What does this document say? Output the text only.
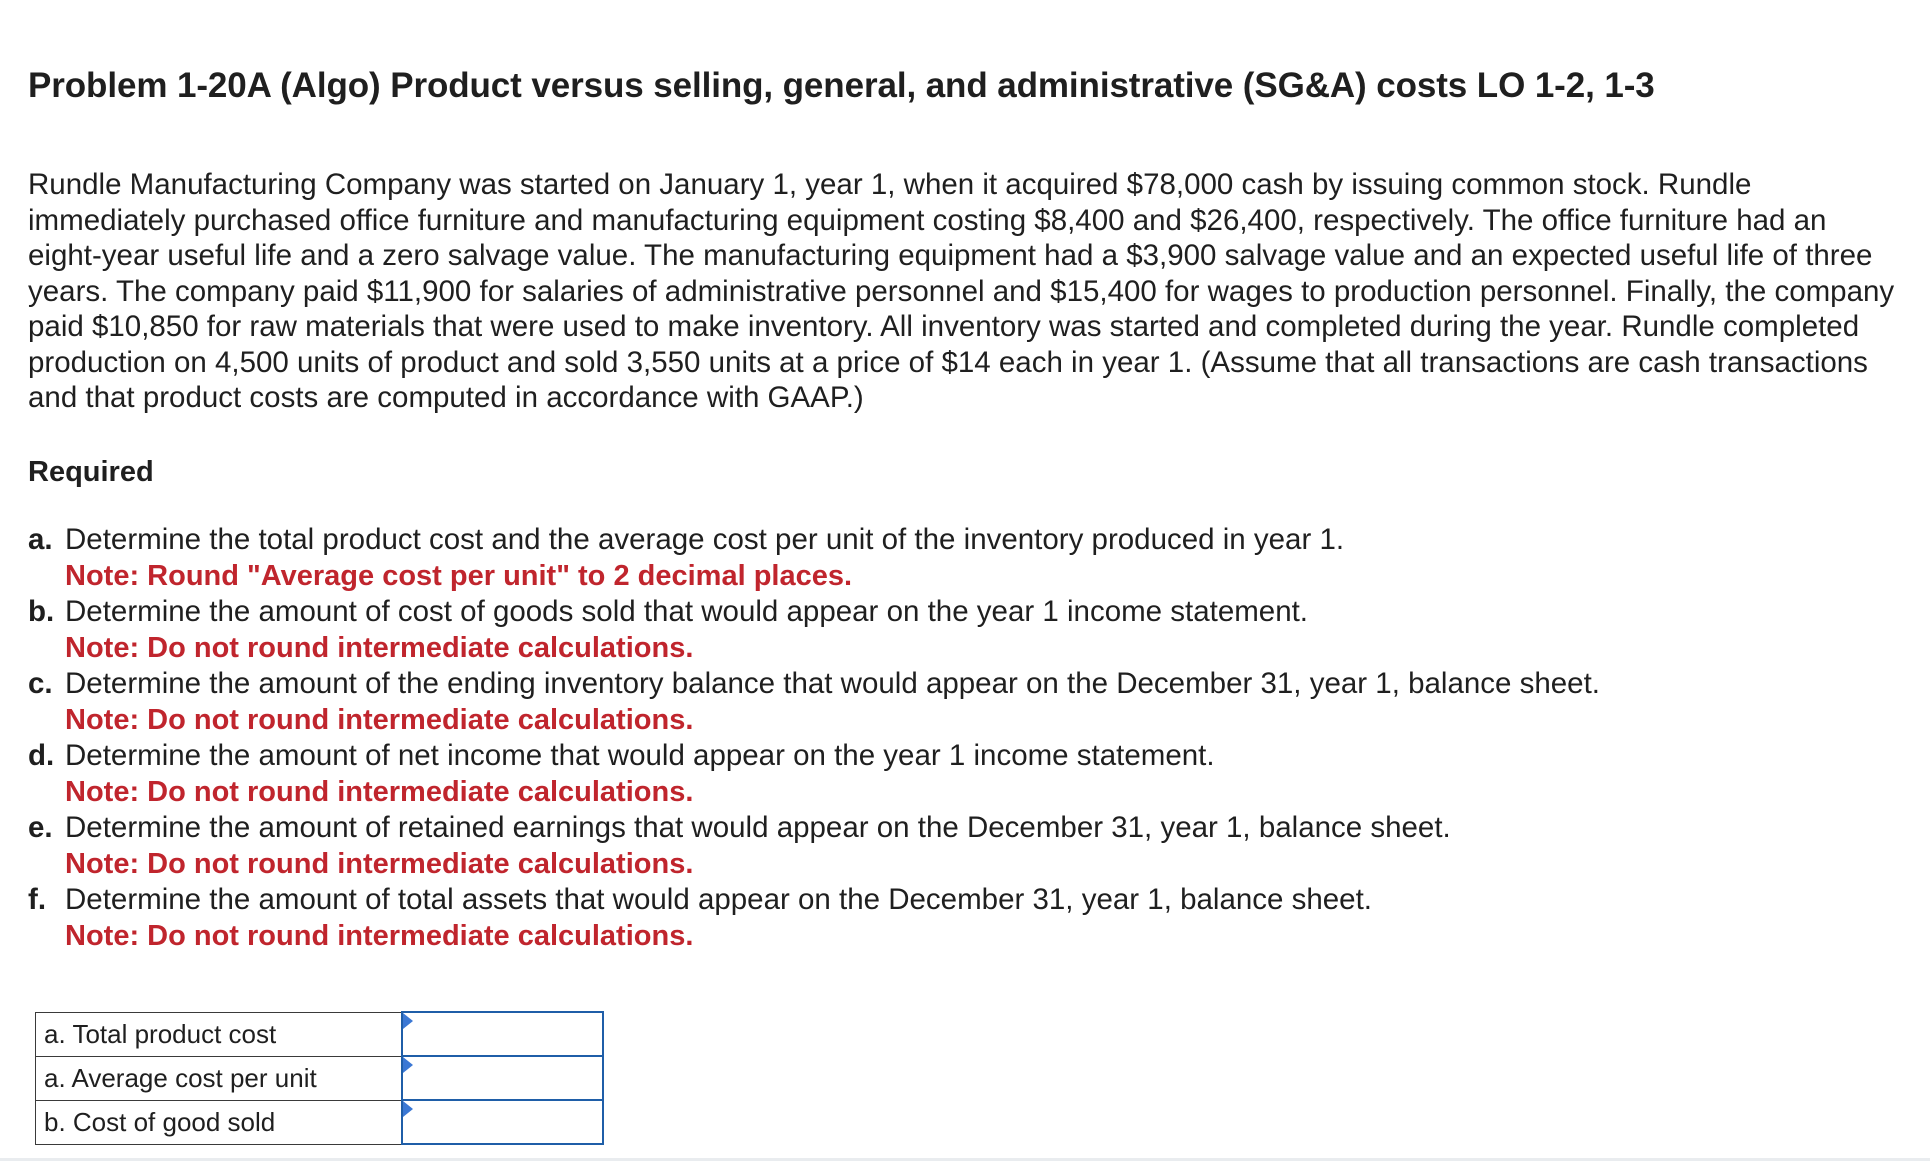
Problem 1-20A (Algo) Product versus selling, general, and administrative (SG&A) costs LO 1-2, 1-3

Rundle Manufacturing Company was started on January 1, year 1, when it acquired $78,000 cash by issuing common stock. Rundle immediately purchased office furniture and manufacturing equipment costing $8,400 and $26,400, respectively. The office furniture had an eight-year useful life and a zero salvage value. The manufacturing equipment had a $3,900 salvage value and an expected useful life of three years. The company paid $11,900 for salaries of administrative personnel and $15,400 for wages to production personnel. Finally, the company paid $10,850 for raw materials that were used to make inventory. All inventory was started and completed during the year. Rundle completed production on 4,500 units of product and sold 3,550 units at a price of $14 each in year 1. (Assume that all transactions are cash transactions and that product costs are computed in accordance with GAAP.)

Required
a. Determine the total product cost and the average cost per unit of the inventory produced in year 1.
Note: Round "Average cost per unit" to 2 decimal places.
b. Determine the amount of cost of goods sold that would appear on the year 1 income statement.
Note: Do not round intermediate calculations.
c. Determine the amount of the ending inventory balance that would appear on the December 31, year 1, balance sheet.
Note: Do not round intermediate calculations.
d. Determine the amount of net income that would appear on the year 1 income statement.
Note: Do not round intermediate calculations.
e. Determine the amount of retained earnings that would appear on the December 31, year 1, balance sheet.
Note: Do not round intermediate calculations.
f. Determine the amount of total assets that would appear on the December 31, year 1, balance sheet.
Note: Do not round intermediate calculations.
a. Total product cost	

a. Average cost per unit	

b. Cost of good sold	
